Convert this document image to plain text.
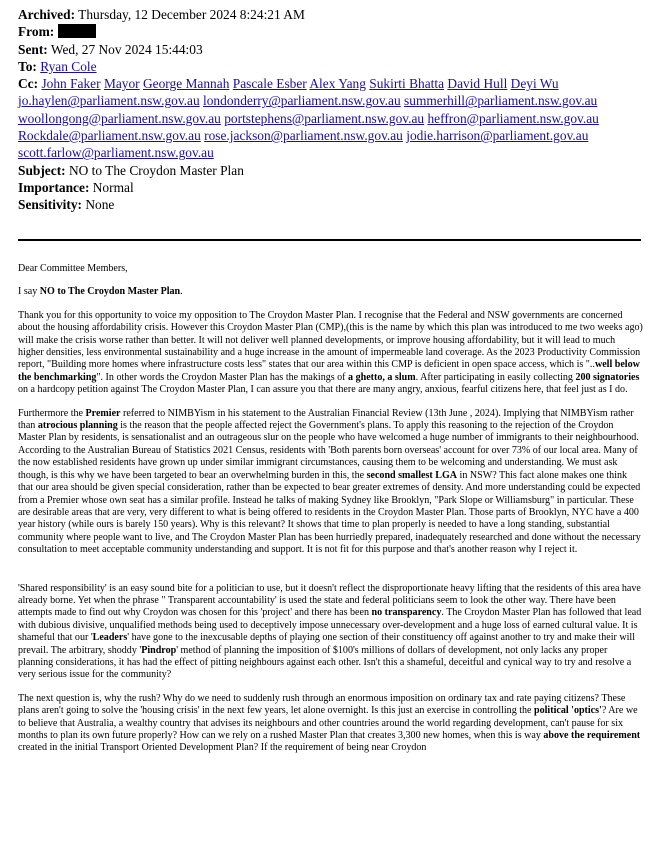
Archived: Thursday, 12 December 2024 8:24:21 AM
From:
Sent: Wed, 27 Nov 2024 15:44:03
To: Ryan Cole
Cc: John Faker Mayor George Mannah Pascale Esber Alex Yang Sukirti Bhatta David Hull Deyi Wu
jo.haylen@parliament.nsw.gov.au londonderry@parliament.nsw.gov.au summerhill@parliament.nsw.gov.au
woollongong@parliament.nsw.gov.au portstephens@parliament.nsw.gov.au heffron@parliament.nsw.gov.au
Rockdale@parliament.nsw.gov.au rose.jackson@parliament.nsw.gov.au jodie.harrison@parliament.gov.au
scott.farlow@parliament.nsw.gov.au
Subject: NO to The Croydon Master Plan
Importance: Normal
Sensitivity: None

Dear Committee Members,

I say NO to The Croydon Master Plan.

Thank you for this opportunity to voice my opposition to The Croydon Master Plan. I recognise that the Federal and NSW governments are concerned about the housing affordability crisis. However this Croydon Master Plan (CMP),(this is the name by which this plan was introduced to me two weeks ago) will make the crisis worse rather than better. It will not deliver well planned developments, or improve housing affordability, but it will lead to much higher densities, less environmental sustainability and a huge increase in the amount of impermeable land coverage. As the 2023 Productivity Commission report, "Building more homes where infrastructure costs less" states that our area within this CMP is deficient in open space access, which is "..well below the benchmarking". In other words the Croydon Master Plan has the makings of a ghetto, a slum. After participating in easily collecting 200 signatories on a hardcopy petition against The Croydon Master Plan, I can assure you that there are many angry, anxious, fearful citizens here, that feel just as I do.

Furthermore the Premier referred to NIMBYism in his statement to the Australian Financial Review (13th June , 2024). Implying that NIMBYism rather than atrocious planning is the reason that the people affected reject the Government's plans. To apply this reasoning to the rejection of the Croydon Master Plan by residents, is sensationalist and an outrageous slur on the people who have welcomed a huge number of immigrants to their neighbourhood. According to the Australian Bureau of Statistics 2021 Census, residents with 'Both parents born overseas' account for over 73% of our local area. Many of the now established residents have grown up under similar immigrant circumstances, causing them to be welcoming and understanding. We must ask though, is this why we have been targeted to bear an overwhelming burden in this, the second smallest LGA in NSW? This fact alone makes one think that our area should be given special consideration, rather than be expected to bear greater extremes of density. And more understanding could be expected from a Premier whose own seat has a similar profile. Instead he talks of making Sydney like Brooklyn, "Park Slope or Williamsburg" in particular. These are desirable areas that are very, very different to what is being offered to residents in the Croydon Master Plan. Those parts of Brooklyn, NYC have a 400 year history (while ours is barely 150 years). Why is this relevant? It shows that time to plan properly is needed to have a long standing, substantial community where people want to live, and The Croydon Master Plan has been hurriedly prepared, inadequately researched and done without the necessary consultation to meet acceptable community understanding and support. It is not fit for this purpose and that's another reason why I reject it.

'Shared responsibility' is an easy sound bite for a politician to use, but it doesn't reflect the disproportionate heavy lifting that the residents of this area have already borne. Yet when the phrase " Transparent accountability' is used the state and federal politicians seem to look the other way. There have been attempts made to find out why Croydon was chosen for this 'project' and there has been no transparency. The Croydon Master Plan has followed that lead with dubious divisive, unqualified methods being used to deceptively impose unnecessary over-development and a huge loss of earned cultural value. It is shameful that our 'Leaders' have gone to the inexcusable depths of playing one section of their constituency off against another to try and make their will prevail. The arbitrary, shoddy 'Pindrop' method of planning the imposition of $100's millions of dollars of development, not only lacks any proper planning considerations, it has had the effect of pitting neighbours against each other. Isn't this a shameful, deceitful and cynical way to try and resolve a very serious issue for the community?

The next question is, why the rush? Why do we need to suddenly rush through an enormous imposition on ordinary tax and rate paying citizens? These plans aren't going to solve the 'housing crisis' in the next few years, let alone overnight. Is this just an exercise in controlling the political 'optics'? Are we to believe that Australia, a wealthy country that advises its neighbours and other countries around the world regarding development, can't pause for six months to plan its own future properly? How can we rely on a rushed Master Plan that creates 3,300 new homes, when this is way above the requirement created in the initial Transport Oriented Development Plan? If the requirement of being near Croydon
